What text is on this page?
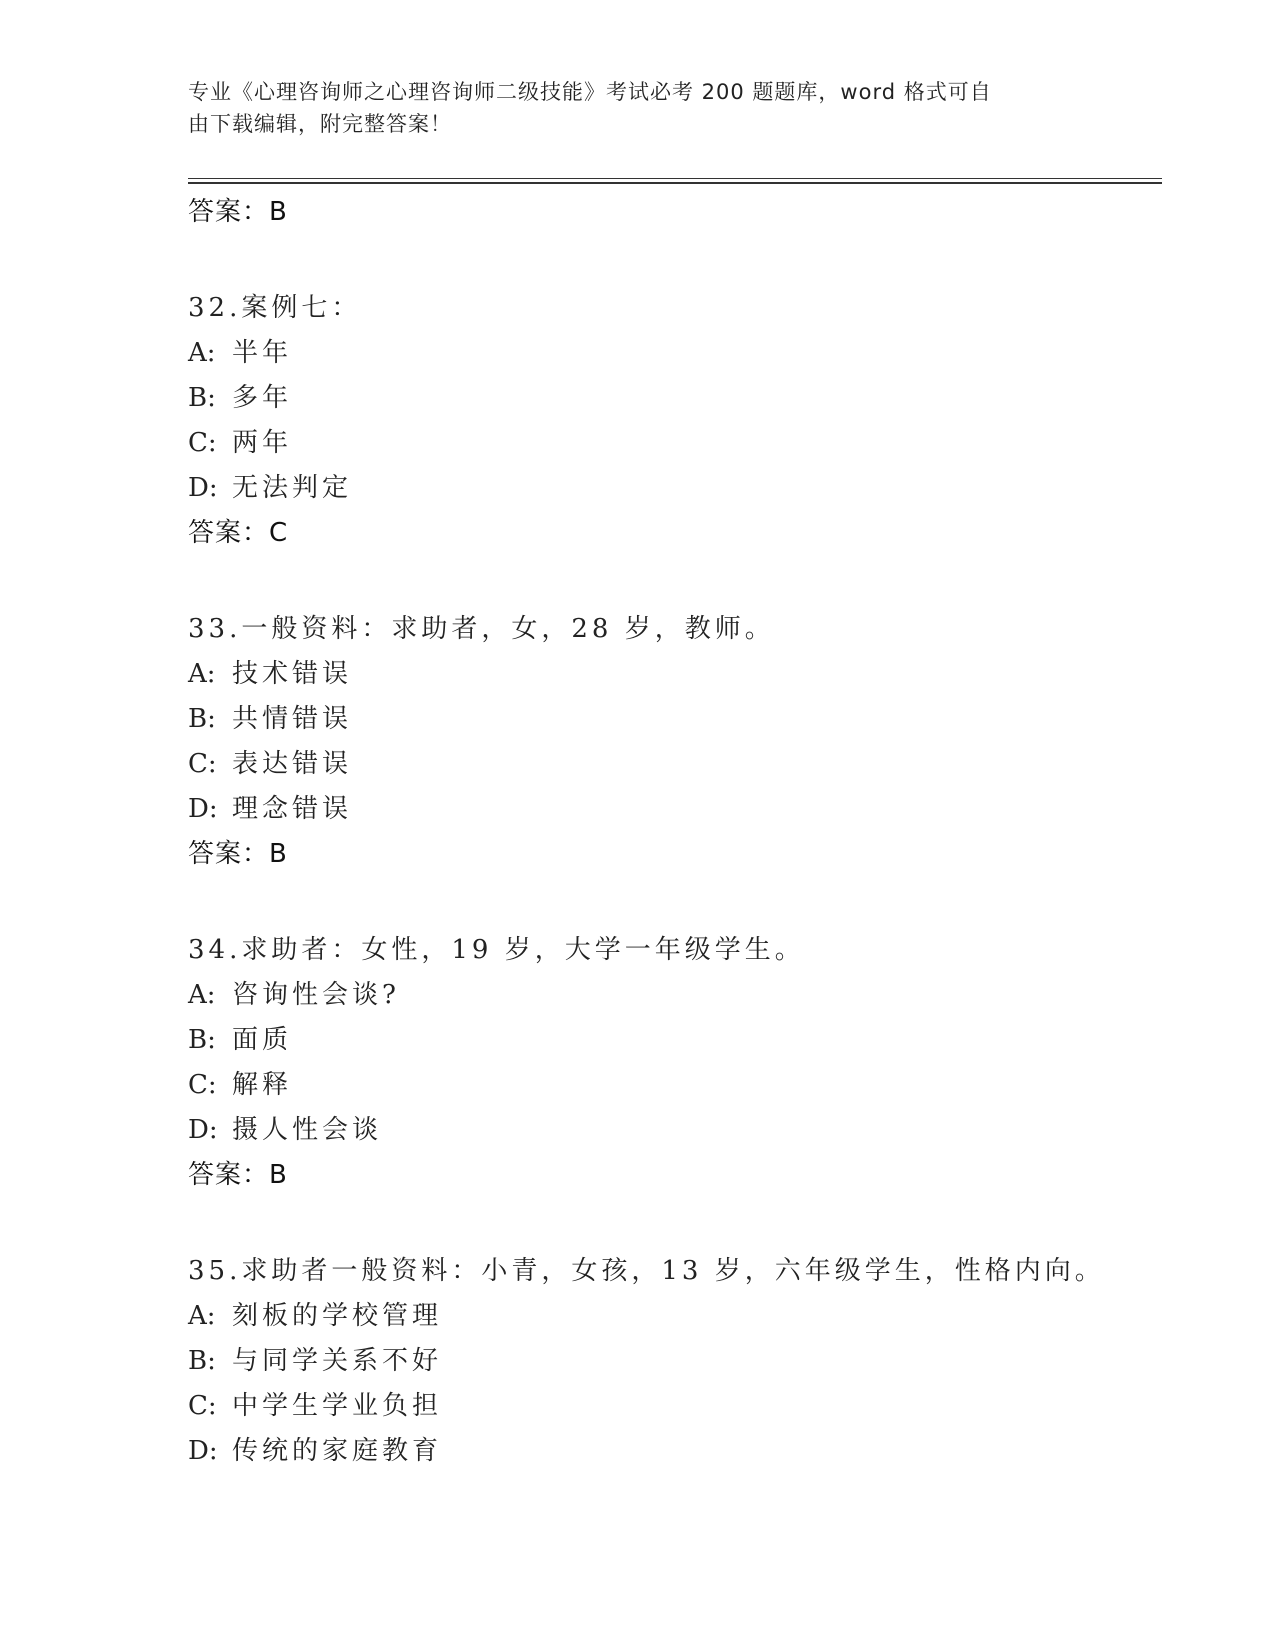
专业《心理咨询师之心理咨询师二级技能》考试必考 200 题题库，word 格式可自
由下载编辑，附完整答案！
答案：B
32.案例七：
A: 半年
B: 多年
C: 两年
D: 无法判定
答案：C
33.一般资料：求助者，女，28 岁，教师。
A: 技术错误
B: 共情错误
C: 表达错误
D: 理念错误
答案：B
34.求助者：女性，19 岁，大学一年级学生。
A: 咨询性会谈?
B: 面质
C: 解释
D: 摄人性会谈
答案：B
35.求助者一般资料：小青，女孩，13 岁，六年级学生，性格内向。
A: 刻板的学校管理
B: 与同学关系不好
C: 中学生学业负担
D: 传统的家庭教育
